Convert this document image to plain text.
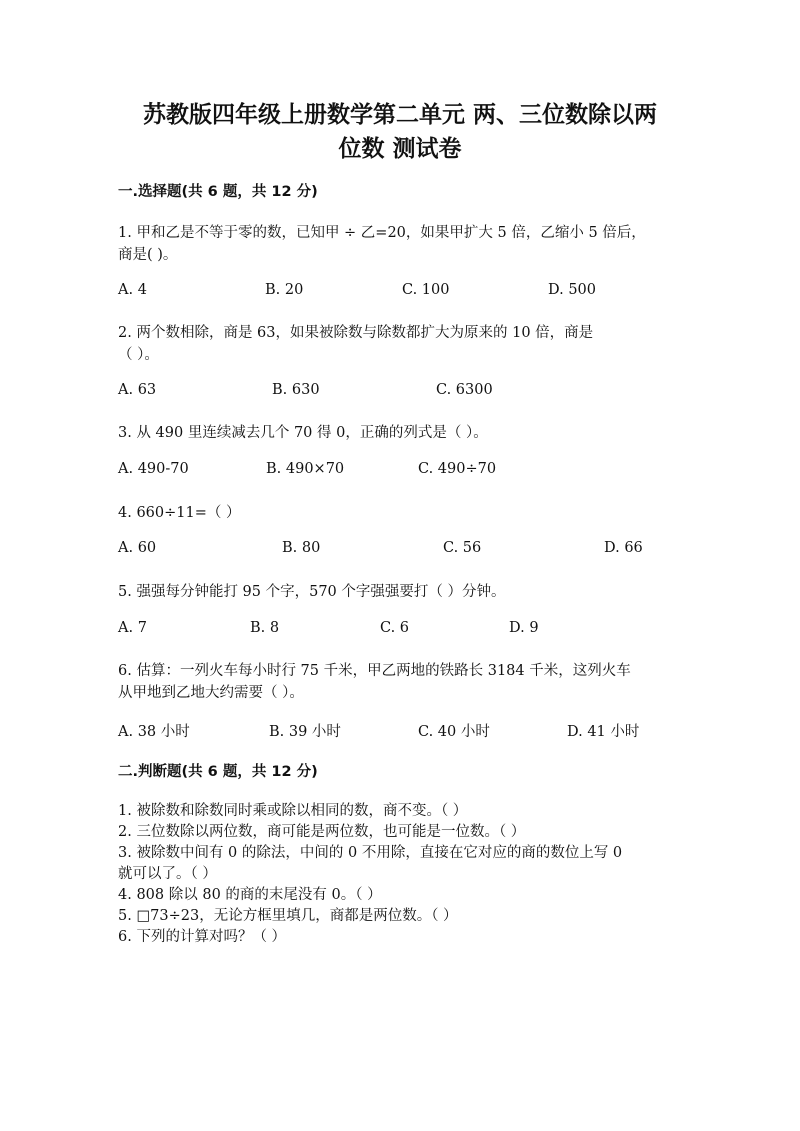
苏教版四年级上册数学第二单元 两、三位数除以两
位数 测试卷
一.选择题(共 6 题，共 12 分)
1. 甲和乙是不等于零的数，已知甲 ÷ 乙=20，如果甲扩大 5 倍，乙缩小 5 倍后，
商是( )。
A. 4	B. 20	C. 100	D. 500
2. 两个数相除，商是 63，如果被除数与除数都扩大为原来的 10 倍，商是
（ ）。
A. 63	B. 630	C. 6300
3. 从 490 里连续减去几个 70 得 0，正确的列式是（ ）。
A. 490-70	B. 490×70	C. 490÷70
4. 660÷11=（ ）
A. 60	B. 80	C. 56	D. 66
5. 强强每分钟能打 95 个字，570 个字强强要打（ ）分钟。
A. 7	B. 8	C. 6	D. 9
6. 估算：一列火车每小时行 75 千米，甲乙两地的铁路长 3184 千米，这列火车
从甲地到乙地大约需要（ ）。
A. 38 小时	B. 39 小时	C. 40 小时	D. 41 小时
二.判断题(共 6 题，共 12 分)
1. 被除数和除数同时乘或除以相同的数，商不变。（ ）
2. 三位数除以两位数，商可能是两位数，也可能是一位数。（ ）
3. 被除数中间有 0 的除法，中间的 0 不用除，直接在它对应的商的数位上写 0
就可以了。（ ）
4. 808 除以 80 的商的末尾没有 0。（ ）
5. □73÷23，无论方框里填几，商都是两位数。（ ）
6. 下列的计算对吗？（ ）
